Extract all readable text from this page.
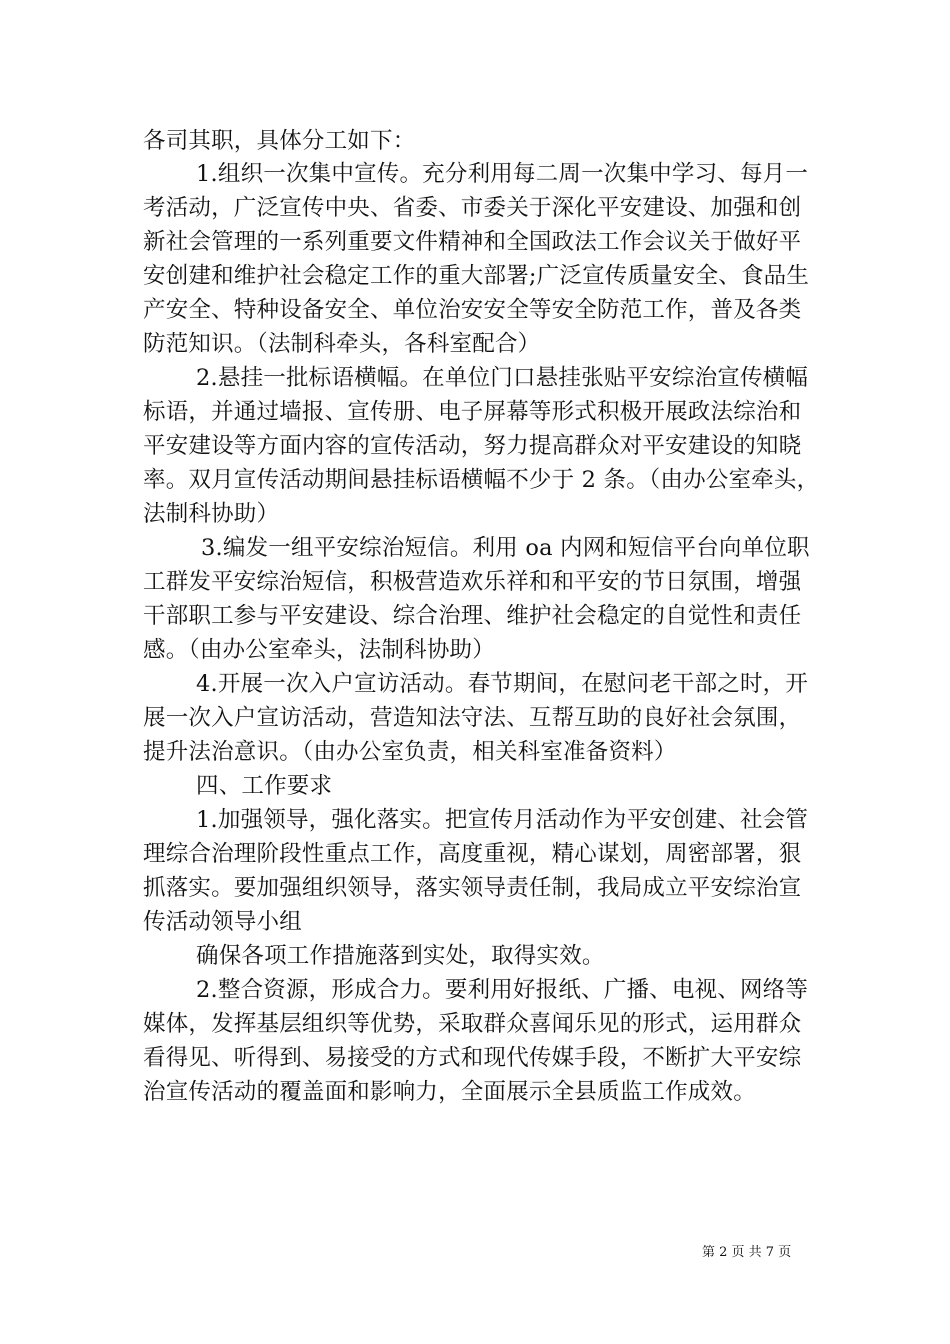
各司其职，具体分工如下：
1.组织一次集中宣传。充分利用每二周一次集中学习、每月一
考活动，广泛宣传中央、省委、市委关于深化平安建设、加强和创
新社会管理的一系列重要文件精神和全国政法工作会议关于做好平
安创建和维护社会稳定工作的重大部署;广泛宣传质量安全、食品生
产安全、特种设备安全、单位治安安全等安全防范工作，普及各类
防范知识。（法制科牵头，各科室配合）
2.悬挂一批标语横幅。在单位门口悬挂张贴平安综治宣传横幅
标语，并通过墙报、宣传册、电子屏幕等形式积极开展政法综治和
平安建设等方面内容的宣传活动，努力提高群众对平安建设的知晓
率。双月宣传活动期间悬挂标语横幅不少于 2 条。（由办公室牵头，
法制科协助）
3.编发一组平安综治短信。利用 oa 内网和短信平台向单位职
工群发平安综治短信，积极营造欢乐祥和和平安的节日氛围，增强
干部职工参与平安建设、综合治理、维护社会稳定的自觉性和责任
感。（由办公室牵头，法制科协助）
4.开展一次入户宣访活动。春节期间，在慰问老干部之时，开
展一次入户宣访活动，营造知法守法、互帮互助的良好社会氛围，
提升法治意识。（由办公室负责，相关科室准备资料）
四、工作要求
1.加强领导，强化落实。把宣传月活动作为平安创建、社会管
理综合治理阶段性重点工作，高度重视，精心谋划，周密部署，狠
抓落实。要加强组织领导，落实领导责任制，我局成立平安综治宣
传活动领导小组
确保各项工作措施落到实处，取得实效。
2.整合资源，形成合力。要利用好报纸、广播、电视、网络等
媒体，发挥基层组织等优势，采取群众喜闻乐见的形式，运用群众
看得见、听得到、易接受的方式和现代传媒手段，不断扩大平安综
治宣传活动的覆盖面和影响力，全面展示全县质监工作成效。
第 2 页 共 7 页
